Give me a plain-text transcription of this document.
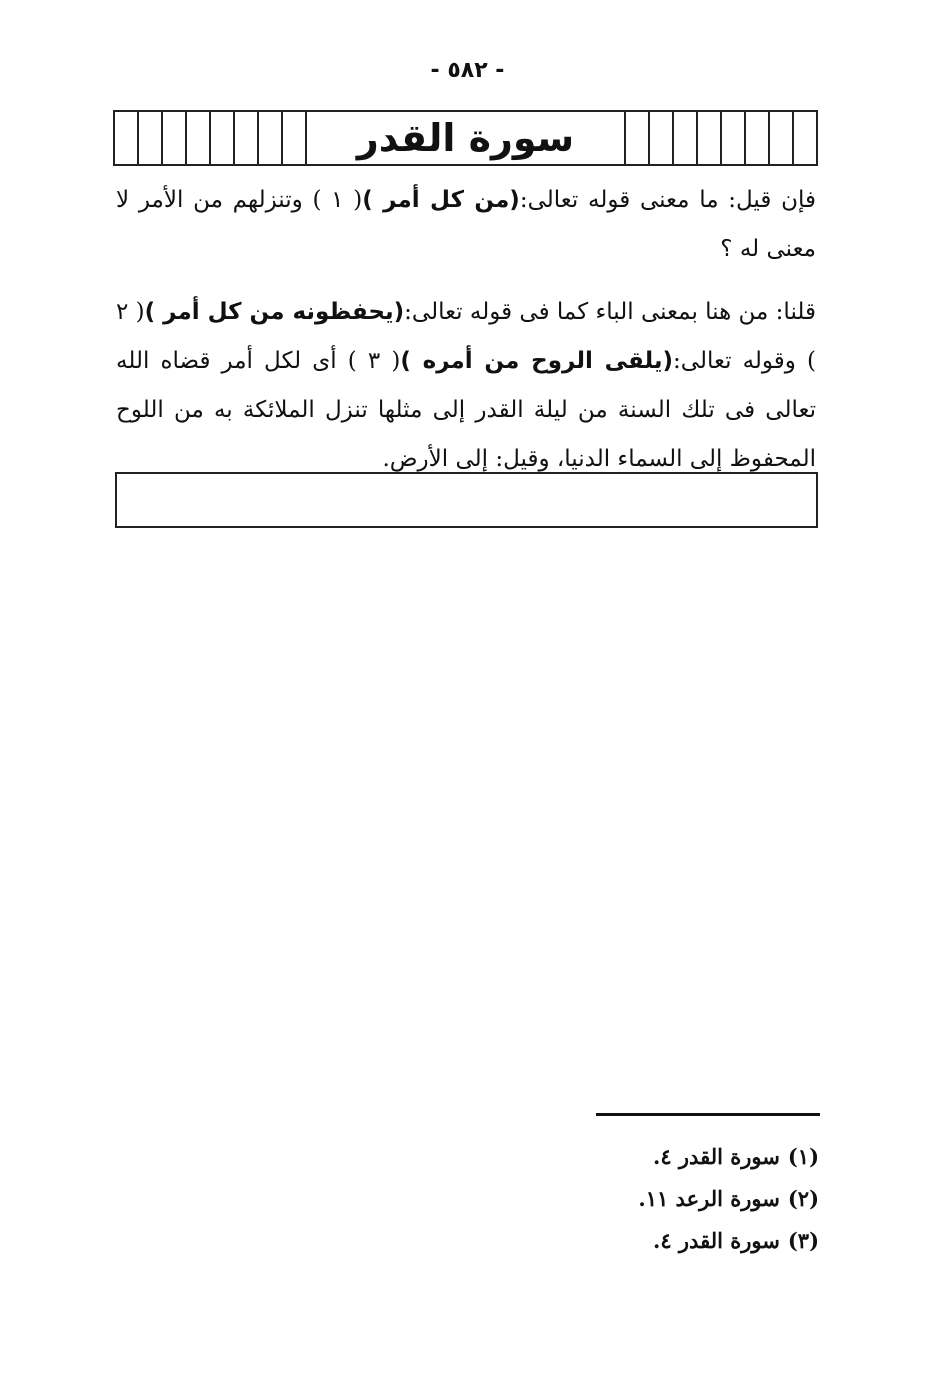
- ٥٨٢ -
سورة القدر

فإن قيل: ما معنى قوله تعالى:(من كل أمر )( ١ ) وتنزلهم من الأمر لا معنى له ؟

قلنا: من هنا بمعنى الباء كما فى قوله تعالى:(يحفظونه من كل أمر )( ٢ ) وقوله تعالى:(يلقى الروح من أمره )( ٣ ) أى لكل أمر قضاه الله تعالى فى تلك السنة من ليلة القدر إلى مثلها تنزل الملائكة به من اللوح المحفوظ إلى السماء الدنيا، وقيل: إلى الأرض.

(١)سورة القدر ٤.
(٢)سورة الرعد ١١.
(٣)سورة القدر ٤.
